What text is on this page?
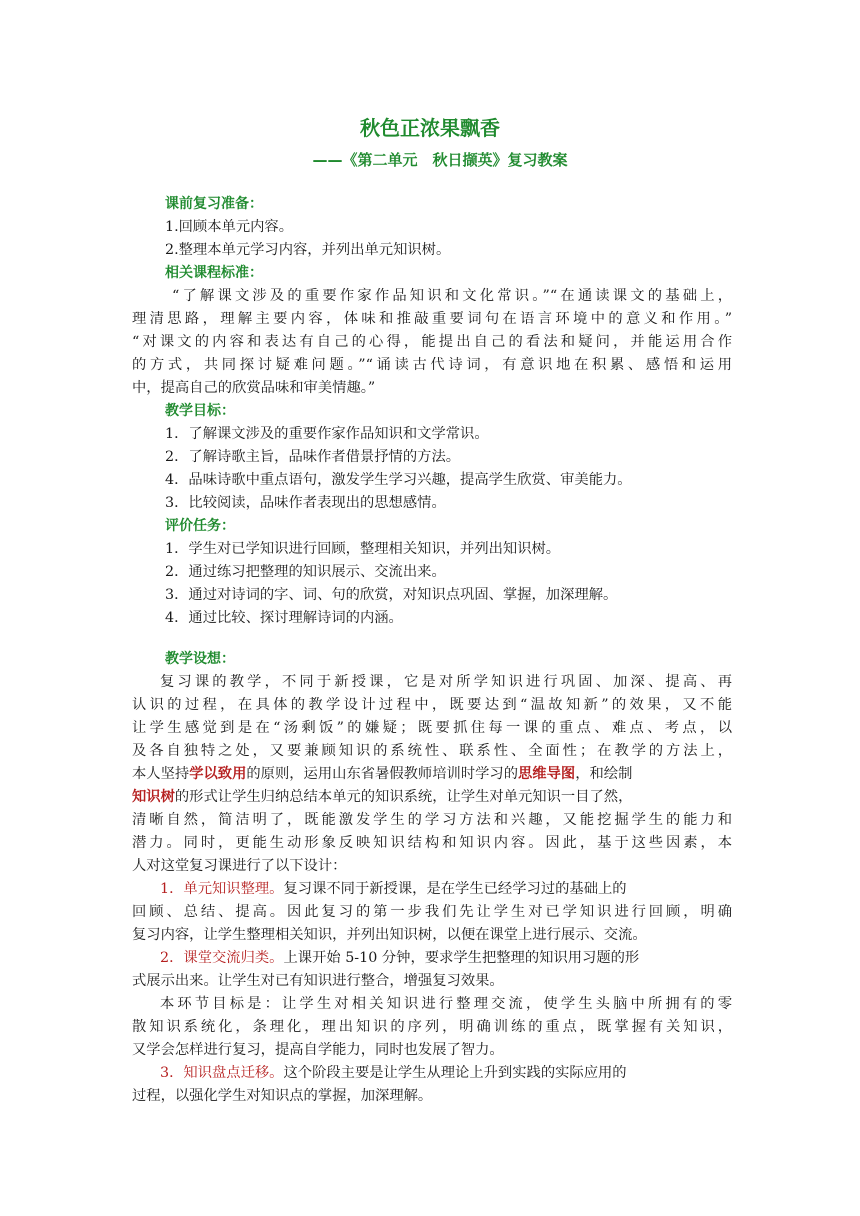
秋色正浓果飘香
——《第二单元　秋日撷英》复习教案
课前复习准备：
1.回顾本单元内容。
2.整理本单元学习内容，并列出单元知识树。
相关课程标准：
“了解课文涉及的重要作家作品知识和文化常识。”“在通读课文的基础上，
理清思路，理解主要内容，体味和推敲重要词句在语言环境中的意义和作用。”
“对课文的内容和表达有自己的心得，能提出自己的看法和疑问，并能运用合作
的方式，共同探讨疑难问题。”“诵读古代诗词，有意识地在积累、感悟和运用
中，提高自己的欣赏品味和审美情趣。”
教学目标：
1．了解课文涉及的重要作家作品知识和文学常识。
2．了解诗歌主旨，品味作者借景抒情的方法。
4．品味诗歌中重点语句，激发学生学习兴趣，提高学生欣赏、审美能力。
3．比较阅读，品味作者表现出的思想感情。
评价任务：
1．学生对已学知识进行回顾，整理相关知识，并列出知识树。
2．通过练习把整理的知识展示、交流出来。
3．通过对诗词的字、词、句的欣赏，对知识点巩固、掌握，加深理解。
4．通过比较、探讨理解诗词的内涵。
教学设想：
复习课的教学，不同于新授课，它是对所学知识进行巩固、加深、提高、再
认识的过程，在具体的教学设计过程中，既要达到“温故知新”的效果，又不能
让学生感觉到是在“汤剩饭”的嫌疑；既要抓住每一课的重点、难点、考点，以
及各自独特之处，又要兼顾知识的系统性、联系性、全面性；在教学的方法上，
本人坚持学以致用的原则，运用山东省暑假教师培训时学习的思维导图，和绘制
知识树的形式让学生归纳总结本单元的知识系统，让学生对单元知识一目了然，
清晰自然，简洁明了，既能激发学生的学习方法和兴趣，又能挖掘学生的能力和
潜力。同时，更能生动形象反映知识结构和知识内容。因此，基于这些因素，本
人对这堂复习课进行了以下设计：
1．单元知识整理。复习课不同于新授课，是在学生已经学习过的基础上的
回顾、总结、提高。因此复习的第一步我们先让学生对已学知识进行回顾，明确
复习内容，让学生整理相关知识，并列出知识树，以便在课堂上进行展示、交流。
2．课堂交流归类。上课开始 5-10 分钟，要求学生把整理的知识用习题的形
式展示出来。让学生对已有知识进行整合，增强复习效果。
本环节目标是：让学生对相关知识进行整理交流，使学生头脑中所拥有的零
散知识系统化，条理化，理出知识的序列，明确训练的重点，既掌握有关知识，
又学会怎样进行复习，提高自学能力，同时也发展了智力。
3．知识盘点迁移。这个阶段主要是让学生从理论上升到实践的实际应用的
过程，以强化学生对知识点的掌握，加深理解。
